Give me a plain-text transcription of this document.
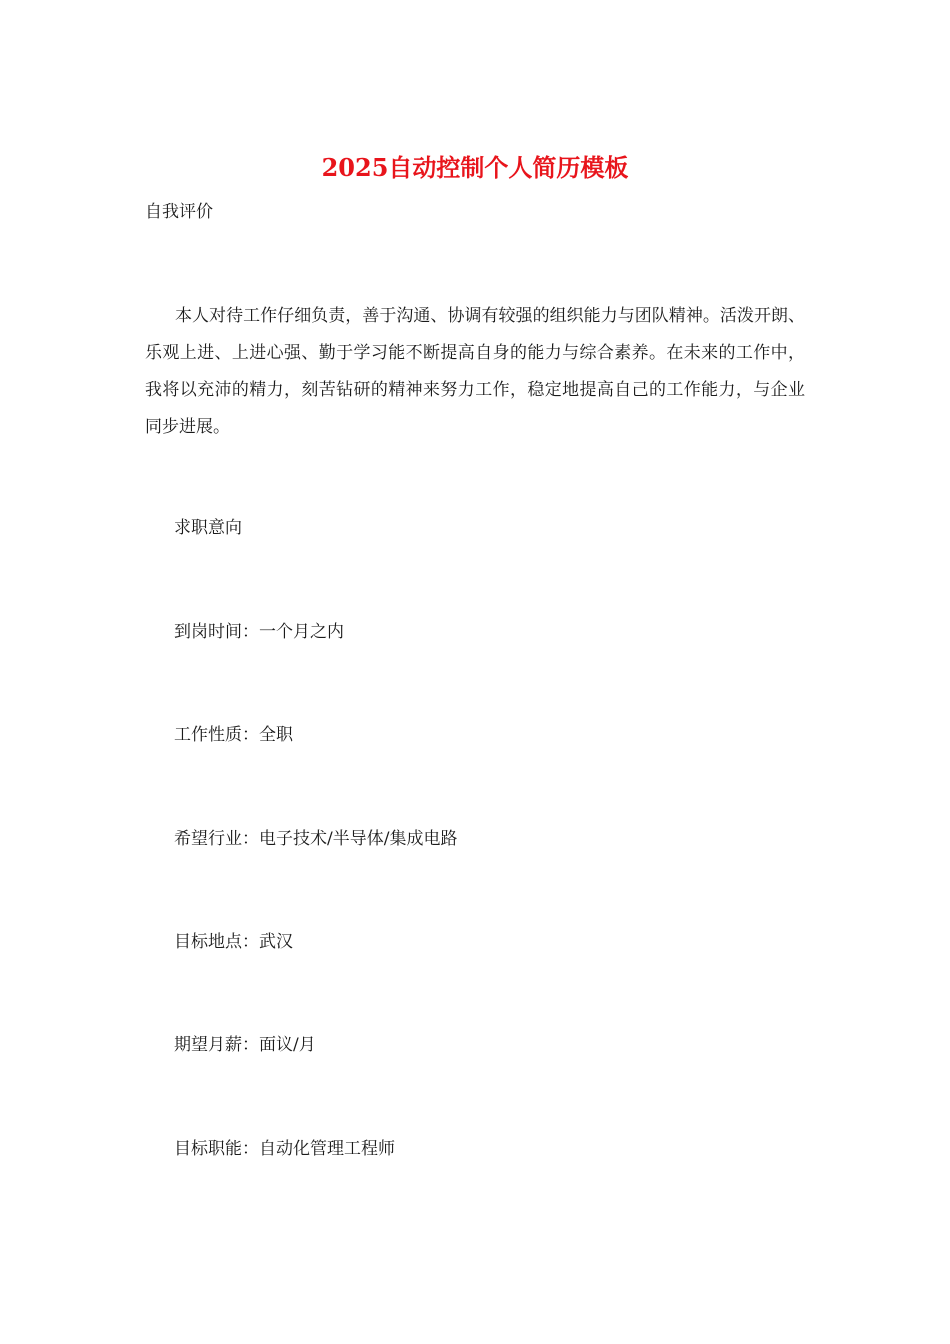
2025自动控制个人简历模板
自我评价

本人对待工作仔细负责，善于沟通、协调有较强的组织能力与团队精神。活泼开朗、乐观上进、上进心强、勤于学习能不断提高自身的能力与综合素养。在未来的工作中，我将以充沛的精力，刻苦钻研的精神来努力工作，稳定地提高自己的工作能力，与企业同步进展。

求职意向

到岗时间：一个月之内

工作性质：全职

希望行业：电子技术/半导体/集成电路

目标地点：武汉

期望月薪：面议/月

目标职能：自动化管理工程师
